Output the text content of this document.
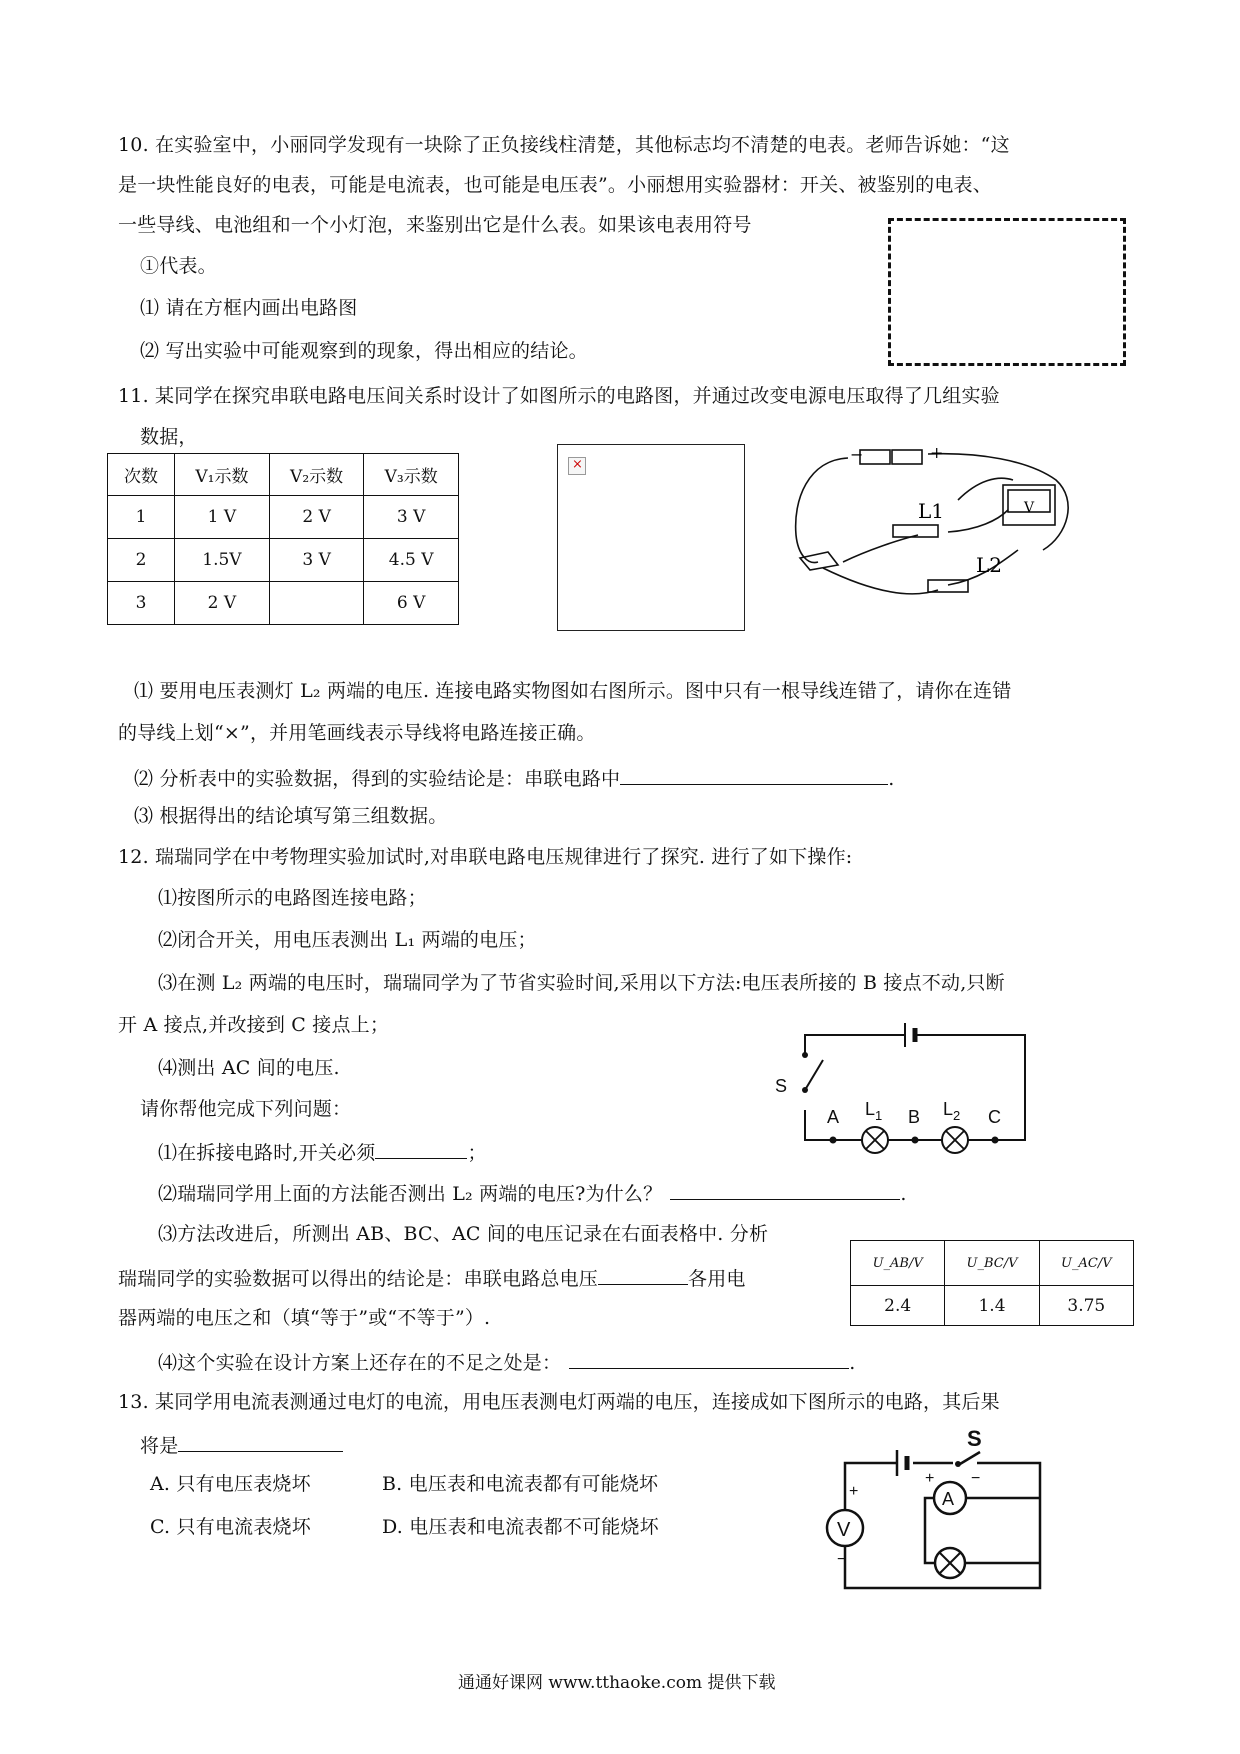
10. 在实验室中，小丽同学发现有一块除了正负接线柱清楚，其他标志均不清楚的电表。老师告诉她：“这
是一块性能良好的电表，可能是电流表，也可能是电压表”。小丽想用实验器材：开关、被鉴别的电表、
一些导线、电池组和一个小灯泡，来鉴别出它是什么表。如果该电表用符号
①代表。
⑴ 请在方框内画出电路图
⑵ 写出实验中可能观察到的现象，得出相应的结论。
11. 某同学在探究串联电路电压间关系时设计了如图所示的电路图，并通过改变电源电压取得了几组实验
数据，
次数	V₁示数	V₂示数	V₃示数
1	1 V	2 V	3 V
2	1.5V	3 V	4.5 V
3	2 V		6 V
×
−	+
L1
L2
V
⑴ 要用电压表测灯 L₂ 两端的电压. 连接电路实物图如右图所示。图中只有一根导线连错了，请你在连错
的导线上划“×”，并用笔画线表示导线将电路连接正确。
⑵ 分析表中的实验数据，得到的实验结论是：串联电路中	.
⑶ 根据得出的结论填写第三组数据。
12. 瑞瑞同学在中考物理实验加试时,对串联电路电压规律进行了探究. 进行了如下操作:
⑴按图所示的电路图连接电路；
⑵闭合开关，用电压表测出 L₁ 两端的电压；
⑶在测 L₂ 两端的电压时，瑞瑞同学为了节省实验时间,采用以下方法:电压表所接的 B 接点不动,只断
开 A 接点,并改接到 C 接点上；
⑷测出 AC 间的电压.
请你帮他完成下列问题：
⑴在拆接电路时,开关必须	；
⑵瑞瑞同学用上面的方法能否测出 L₂ 两端的电压?为什么？	.
⑶方法改进后，所测出 AB、BC、AC 间的电压记录在右面表格中. 分析
瑞瑞同学的实验数据可以得出的结论是：串联电路总电压	各用电
器两端的电压之和（填“等于”或“不等于”）.
⑷这个实验在设计方案上还存在的不足之处是：	.
S
A $L_1$ B $L_2$ C
U_AB/V	U_BC/V	U_AC/V
2.4	1.4	3.75
13. 某同学用电流表测通过电灯的电流，用电压表测电灯两端的电压，连接成如下图所示的电路，其后果
将是
A. 只有电压表烧坏	B. 电压表和电流表都有可能烧坏
C. 只有电流表烧坏	D. 电压表和电流表都不可能烧坏
S
V
A
+
−
+ −
通通好课网 www.tthaoke.com 提供下载
